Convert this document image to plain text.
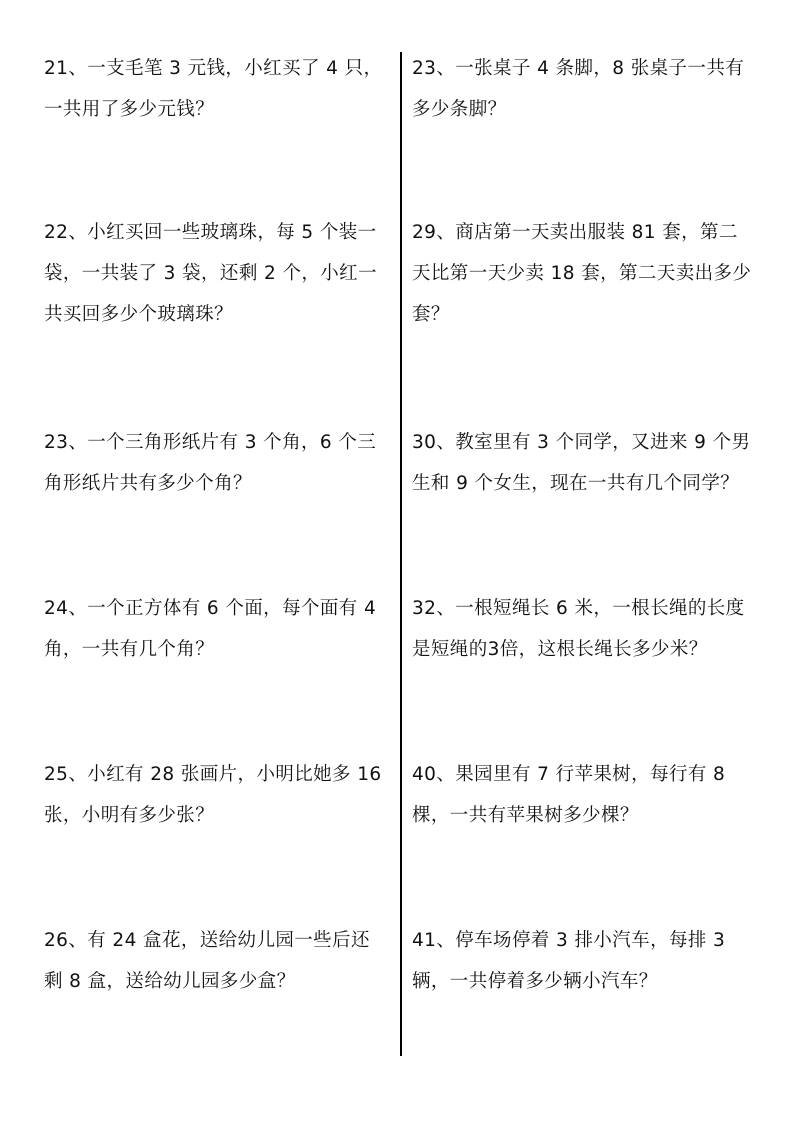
21、一支毛笔 3 元钱，小红买了 4 只，一共用了多少元钱？
22、小红买回一些玻璃珠，每 5 个装一袋，一共装了 3 袋，还剩 2 个，小红一共买回多少个玻璃珠？
23、一个三角形纸片有 3 个角，6 个三角形纸片共有多少个角？
24、一个正方体有 6 个面，每个面有 4 角，一共有几个角？
25、小红有 28 张画片，小明比她多 16 张，小明有多少张？
26、有 24 盒花，送给幼儿园一些后还剩 8 盒，送给幼儿园多少盒？
23、一张桌子 4 条脚，8 张桌子一共有多少条脚？
29、商店第一天卖出服装 81 套，第二天比第一天少卖 18 套，第二天卖出多少套？
30、教室里有 3 个同学，又进来 9 个男生和 9 个女生，现在一共有几个同学？
32、一根短绳长 6 米，一根长绳的长度是短绳的3倍，这根长绳长多少米？
40、果园里有 7 行苹果树，每行有 8 棵，一共有苹果树多少棵？
41、停车场停着 3 排小汽车，每排 3 辆，一共停着多少辆小汽车？
